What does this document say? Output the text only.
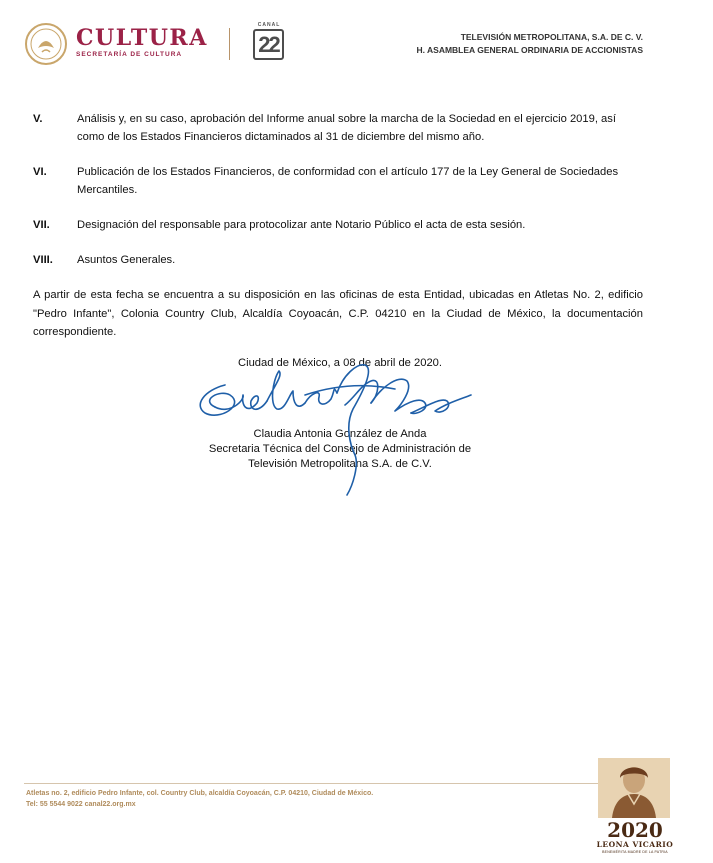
CULTURA
SECRETARÍA DE CULTURA
CANAL
22	TELEVISIÓN METROPOLITANA, S.A. DE C. V.
H. ASAMBLEA GENERAL ORDINARIA DE ACCIONISTAS
V.	Análisis y, en su caso, aprobación del Informe anual sobre la marcha de la Sociedad en el ejercicio 2019, así como de los Estados Financieros dictaminados al 31 de diciembre del mismo año.
VI.	Publicación de los Estados Financieros, de conformidad con el artículo 177 de la Ley General de Sociedades Mercantiles.
VII. Designación del responsable para protocolizar ante Notario Público el acta de esta sesión.
VIII. Asuntos Generales.
A partir de esta fecha se encuentra a su disposición en las oficinas de esta Entidad, ubicadas en Atletas No. 2, edificio "Pedro Infante", Colonia Country Club, Alcaldía Coyoacán, C.P. 04210 en la Ciudad de México, la documentación correspondiente.
Ciudad de México, a 08 de abril de 2020.
Claudia Antonia González de Anda
Secretaria Técnica del Consejo de Administración de
Televisión Metropolitana S.A. de C.V.
Atletas no. 2, edificio Pedro Infante, col. Country Club, alcaldía Coyoacán, C.P. 04210, Ciudad de México.
Tel: 55 5544 9022 canal22.org.mx
2020
LEONA VICARIO
BENEMÉRITA MADRE DE LA PATRIA
